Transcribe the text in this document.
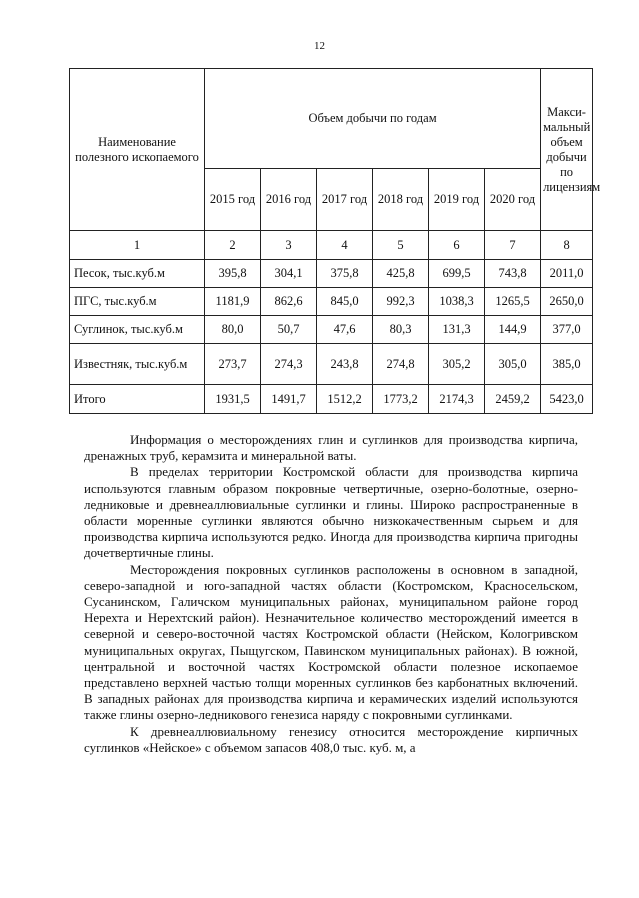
12
Наименование полезного ископаемого	Объем добычи по годам						Макси-мальный объем добычи по лицензиям
	2015 год	2016 год	2017 год	2018 год	2019 год	2020 год	
1	2	3	4	5	6	7	8
Песок, тыс.куб.м	395,8	304,1	375,8	425,8	699,5	743,8	2011,0
ПГС, тыс.куб.м	1181,9	862,6	845,0	992,3	1038,3	1265,5	2650,0
Суглинок, тыс.куб.м	80,0	50,7	47,6	80,3	131,3	144,9	377,0
Известняк, тыс.куб.м	273,7	274,3	243,8	274,8	305,2	305,0	385,0
Итого	1931,5	1491,7	1512,2	1773,2	2174,3	2459,2	5423,0

Информация о месторождениях глин и суглинков для производства кирпича, дренажных труб, керамзита и минеральной ваты.

В пределах территории Костромской области для производства кирпича используются главным образом покровные четвертичные, озерно-болотные, озерно-ледниковые и древнеаллювиальные суглинки и глины. Широко распространенные в области моренные суглинки являются обычно низкокачественным сырьем и для производства кирпича используются редко. Иногда для производства кирпича пригодны дочетвертичные глины.

Месторождения покровных суглинков расположены в основном в западной, северо-западной и юго-западной частях области (Костромском, Красносельском, Сусанинском, Галичском муниципальных районах, муниципальном районе город Нерехта и Нерехтский район). Незначительное количество месторождений имеется в северной и северо-восточной частях Костромской области (Нейском, Кологривском муниципальных округах, Пыщугском, Павинском муниципальных районах). В южной, центральной и восточной частях Костромской области полезное ископаемое представлено верхней частью толщи моренных суглинков без карбонатных включений. В западных районах для производства кирпича и керамических изделий используются также глины озерно-ледникового генезиса наряду с покровными суглинками.

К древнеаллювиальному генезису относится месторождение кирпичных суглинков «Нейское» с объемом запасов 408,0 тыс. куб. м, а
